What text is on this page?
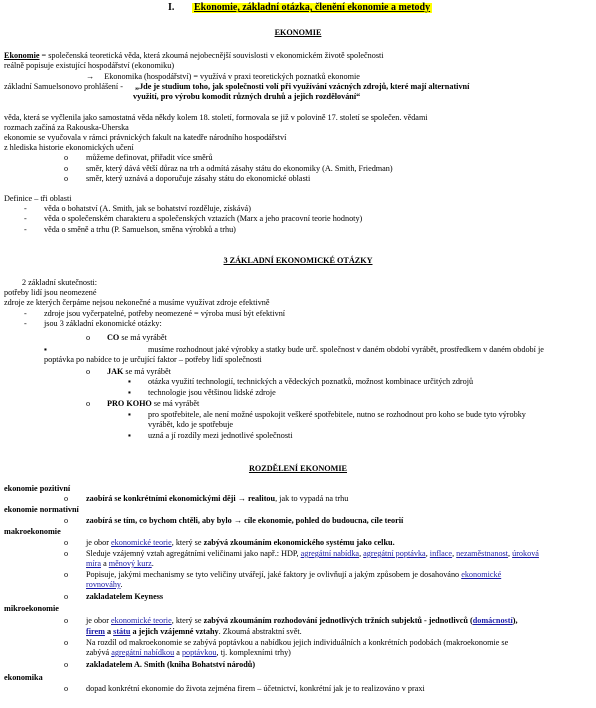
I. Ekonomie, základní otázka, členění ekonomie a metody
EKONOMIE
Ekonomie = společenská teoretická věda, která zkoumá nejobecnější souvislosti v ekonomickém životě společnosti
reálně popisuje existující hospodářství (ekonomiku)
→ Ekonomika (hospodářství) = využívá v praxi teoretických poznatků ekonomie
základní Samuelsonovo prohlášení - „Jde je studium toho, jak společnosti volí při využívání vzácných zdrojů, které mají alternativní
využití, pro výrobu komodit různých druhů a jejich rozdělování“
věda, která se vyčlenila jako samostatná věda někdy kolem 18. století, formovala se již v polovině 17. století se společen. vědami
rozmach začíná za Rakouska-Uherska
ekonomie se vyučovala v rámci právnických fakult na katedře národního hospodářství
z hlediska historie ekonomických učení
o můžeme definovat, přiřadit více směrů
o směr, který dává větší důraz na trh a odmítá zásahy státu do ekonomiky (A. Smith, Friedman)
o směr, který uznává a doporučuje zásahy státu do ekonomické oblasti
Definice – tři oblasti
- věda o bohatství (A. Smith, jak se bohatství rozděluje, získává)
- věda o společenském charakteru a společenských vztazích (Marx a jeho pracovní teorie hodnoty)
- věda o směně a trhu (P. Samuelson, směna výrobků a trhu)
3 ZÁKLADNÍ EKONOMICKÉ OTÁZKY
2 základní skutečnosti:
potřeby lidí jsou neomezené
zdroje ze kterých čerpáme nejsou nekonečné a musíme využívat zdroje efektivně
- zdroje jsou vyčerpatelné, potřeby neomezené = výroba musí být efektivní
- jsou 3 základní ekonomické otázky:
o CO se má vyrábět
▪	musíme rozhodnout jaké výrobky a statky bude urč. společnost v daném období vyrábět, prostředkem v daném období je
poptávka po nabídce to je určující faktor – potřeby lidí společnosti
o JAK se má vyrábět
▪ otázka využití technologií, technických a vědeckých poznatků, možnost kombinace určitých zdrojů
▪ technologie jsou většinou lidské zdroje
o PRO KOHO se má vyrábět
▪ pro spotřebitele, ale není možné uspokojit veškeré spotřebitele, nutno se rozhodnout pro koho se bude tyto výrobky
vyrábět, kdo je spotřebuje
▪ uzná a jí rozdíly mezi jednotlivé společnosti
ROZDĚLENÍ EKONOMIE
ekonomie pozitivní
o zaobírá se konkrétními ekonomickými ději → realitou, jak to vypadá na trhu
ekonomie normativní
o zaobírá se tím, co bychom chtěli, aby bylo → cíle ekonomie, pohled do budoucna, cíle teorií
makroekonomie
o je obor ekonomické teorie, který se zabývá zkoumáním ekonomického systému jako celku.
o Sleduje vzájemný vztah agregátními veličinami jako např.: HDP, agregátní nabídka, agregátní poptávka, inflace, nezaměstnanost, úroková
míra a měnový kurz.
o Popisuje, jakými mechanismy se tyto veličiny utvářejí, jaké faktory je ovlivňují a jakým způsobem je dosahováno ekonomické
rovnováhy.
o zakladatelem Keyness
mikroekonomie
o je obor ekonomické teorie, který se zabývá zkoumáním rozhodování jednotlivých tržních subjektů - jednotlivců (domácností),
firem a státu a jejich vzájemné vztahy. Zkoumá abstraktní svět.
o Na rozdíl od makroekonomie se zabývá poptávkou a nabídkou jejich individuálních a konkrétních podobách (makroekonomie se
zabývá agregátní nabídkou a poptávkou, tj. komplexními trhy)
o zakladatelem A. Smith (kniha Bohatství národů)
ekonomika
o dopad konkrétní ekonomie do života zejména firem – účetnictví, konkrétní jak je to realizováno v praxi
